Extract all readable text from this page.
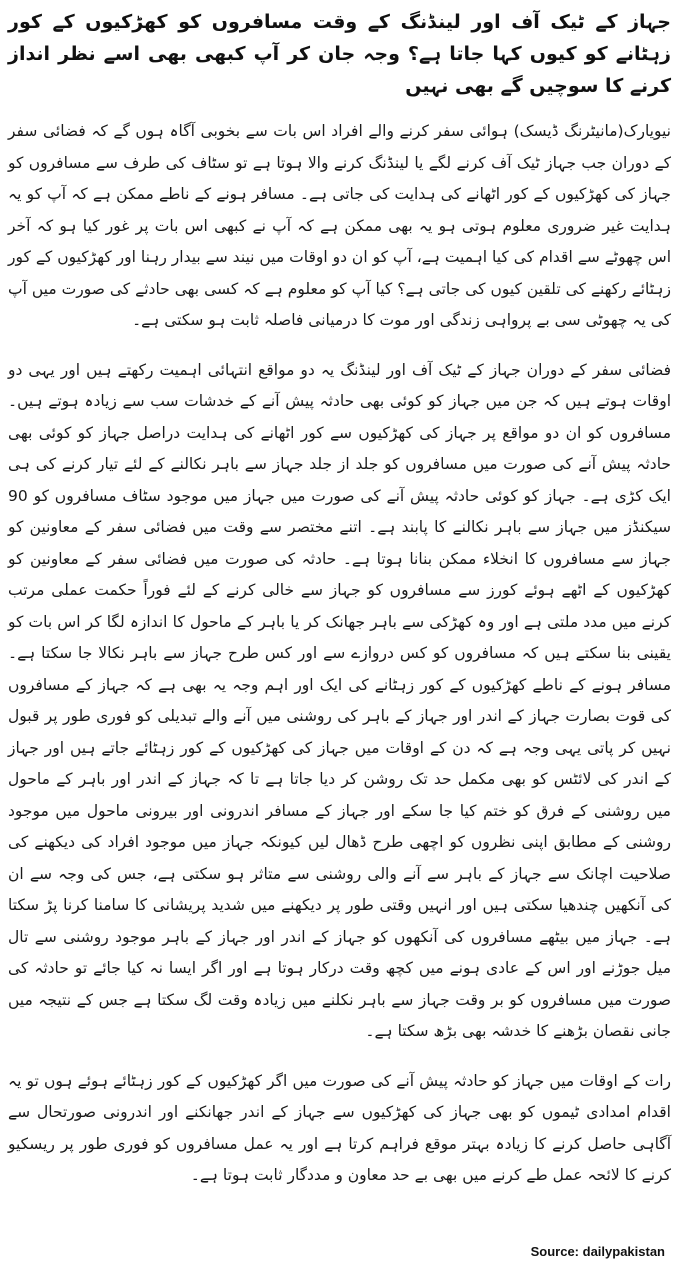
جہاز کے ٹیک آف اور لینڈنگ کے وقت مسافروں کو کھڑکیوں کے کور زہٹانے کو کیوں کہا جاتا ہے؟ وجہ جان کر آپ کبھی بھی اسے نظر انداز کرنے کا سوچیں گے بھی نہیں

نیویارک(مانیٹرنگ ڈیسک) ہوائی سفر کرنے والے افراد اس بات سے بخوبی آگاہ ہوں گے کہ فضائی سفر کے دوران جب جہاز ٹیک آف کرنے لگے یا لینڈنگ کرنے والا ہوتا ہے تو سٹاف کی طرف سے مسافروں کو جہاز کی کھڑکیوں کے کور اٹھانے کی ہدایت کی جاتی ہے۔ مسافر ہونے کے ناطے ممکن ہے کہ آپ کو یہ ہدایت غیر ضروری معلوم ہوتی ہو یہ بھی ممکن ہے کہ آپ نے کبھی اس بات پر غور کیا ہو کہ آخر اس چھوٹے سے اقدام کی کیا اہمیت ہے، آپ کو ان دو اوقات میں نیند سے بیدار رہنا اور کھڑکیوں کے کور زہٹائے رکھنے کی تلقین کیوں کی جاتی ہے؟ کیا آپ کو معلوم ہے کہ کسی بھی حادثے کی صورت میں آپ کی یہ چھوٹی سی بے پرواہی زندگی اور موت کا درمیانی فاصلہ ثابت ہو سکتی ہے۔

فضائی سفر کے دوران جہاز کے ٹیک آف اور لینڈنگ یہ دو مواقع انتہائی اہمیت رکھتے ہیں اور یہی دو اوقات ہوتے ہیں کہ جن میں جہاز کو کوئی بھی حادثہ پیش آنے کے خدشات سب سے زیادہ ہوتے ہیں۔ مسافروں کو ان دو مواقع پر جہاز کی کھڑکیوں سے کور اٹھانے کی ہدایت دراصل جہاز کو کوئی بھی حادثہ پیش آنے کی صورت میں مسافروں کو جلد از جلد جہاز سے باہر نکالنے کے لئے تیار کرنے کی ہی ایک کڑی ہے۔ جہاز کو کوئی حادثہ پیش آنے کی صورت میں جہاز میں موجود سٹاف مسافروں کو 90 سیکنڈز میں جہاز سے باہر نکالنے کا پابند ہے۔ اتنے مختصر سے وقت میں فضائی سفر کے معاونین کو جہاز سے مسافروں کا انخلاء ممکن بنانا ہوتا ہے۔ حادثہ کی صورت میں فضائی سفر کے معاونین کو کھڑکیوں کے اٹھے ہوئے کورز سے مسافروں کو جہاز سے خالی کرنے کے لئے فوراً حکمت عملی مرتب کرنے میں مدد ملتی ہے اور وہ کھڑکی سے باہر جھانک کر یا باہر کے ماحول کا اندازہ لگا کر اس بات کو یقینی بنا سکتے ہیں کہ مسافروں کو کس دروازے سے اور کس طرح جہاز سے باہر نکالا جا سکتا ہے۔ مسافر ہونے کے ناطے کھڑکیوں کے کور زہٹانے کی ایک اور اہم وجہ یہ بھی ہے کہ جہاز کے مسافروں کی قوت بصارت جہاز کے اندر اور جہاز کے باہر کی روشنی میں آنے والے تبدیلی کو فوری طور پر قبول نہیں کر پاتی یہی وجہ ہے کہ دن کے اوقات میں جہاز کی کھڑکیوں کے کور زہٹائے جاتے ہیں اور جہاز کے اندر کی لائٹس کو بھی مکمل حد تک روشن کر دیا جاتا ہے تا کہ جہاز کے اندر اور باہر کے ماحول میں روشنی کے فرق کو ختم کیا جا سکے اور جہاز کے مسافر اندرونی اور بیرونی ماحول میں موجود روشنی کے مطابق اپنی نظروں کو اچھی طرح ڈھال لیں کیونکہ جہاز میں موجود افراد کی دیکھنے کی صلاحیت اچانک سے جہاز کے باہر سے آنے والی روشنی سے متاثر ہو سکتی ہے، جس کی وجہ سے ان کی آنکھیں چندھیا سکتی ہیں اور انہیں وقتی طور پر دیکھنے میں شدید پریشانی کا سامنا کرنا پڑ سکتا ہے۔ جہاز میں بیٹھے مسافروں کی آنکھوں کو جہاز کے اندر اور جہاز کے باہر موجود روشنی سے تال میل جوڑنے اور اس کے عادی ہونے میں کچھ وقت درکار ہوتا ہے اور اگر ایسا نہ کیا جائے تو حادثہ کی صورت میں مسافروں کو بر وقت جہاز سے باہر نکلنے میں زیادہ وقت لگ سکتا ہے جس کے نتیجہ میں جانی نقصان بڑھنے کا خدشہ بھی بڑھ سکتا ہے۔

رات کے اوقات میں جہاز کو حادثہ پیش آنے کی صورت میں اگر کھڑکیوں کے کور زہٹائے ہوئے ہوں تو یہ اقدام امدادی ٹیموں کو بھی جہاز کی کھڑکیوں سے جہاز کے اندر جھانکنے اور اندرونی صورتحال سے آگاہی حاصل کرنے کا زیادہ بہتر موقع فراہم کرتا ہے اور یہ عمل مسافروں کو فوری طور پر ریسکیو کرنے کا لائحہ عمل طے کرنے میں بھی بے حد معاون و مددگار ثابت ہوتا ہے۔

Source: dailypakistan
